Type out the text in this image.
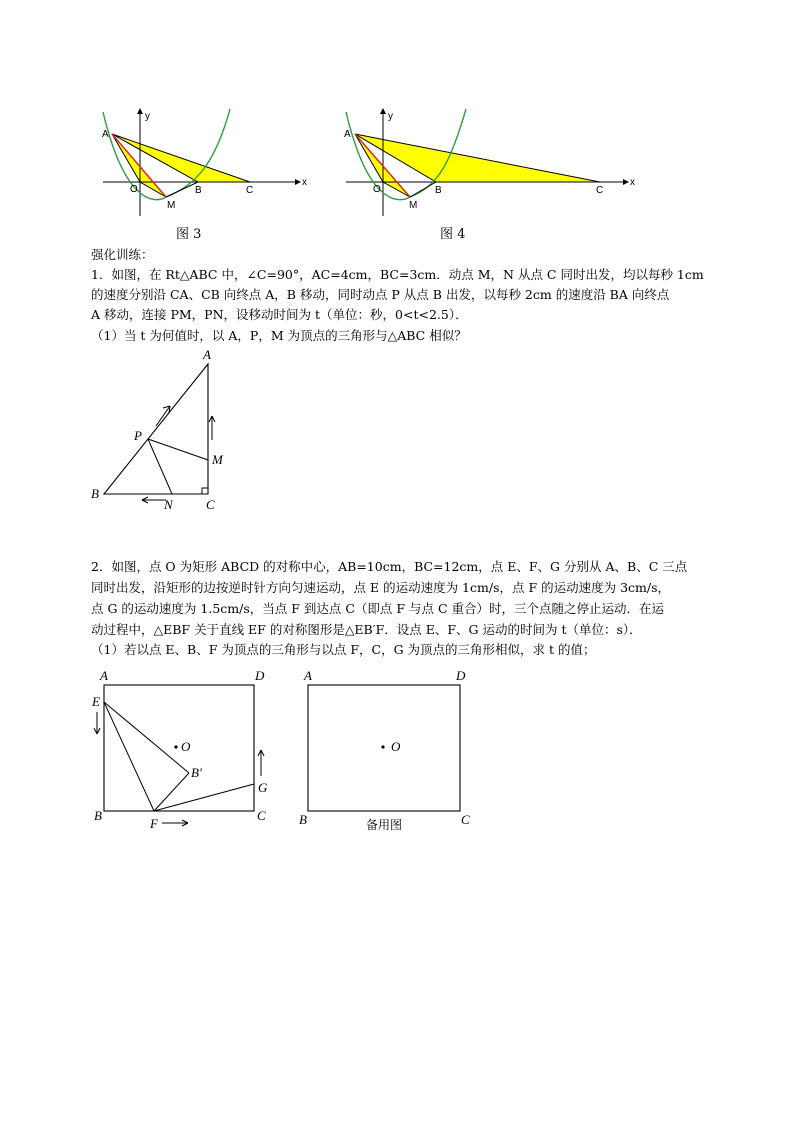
A
O
M
B	C
x
y
图 3
A
O
M
B	C
x
y
图 4

强化训练：

1．如图，在 Rt△ABC 中，∠C=90°，AC=4cm，BC=3cm．动点 M，N 从点 C 同时出发，均以每秒 1cm

的速度分别沿 CA、CB 向终点 A，B 移动，同时动点 P 从点 B 出发，以每秒 2cm 的速度沿 BA 向终点

A 移动，连接 PM，PN，设移动时间为 t（单位：秒，0<t<2.5）．

（1）当 t 为何值时，以 A，P，M 为顶点的三角形与△ABC 相似？

A
P
M
B
N	C

2．如图，点 O 为矩形 ABCD 的对称中心，AB=10cm，BC=12cm，点 E、F、G 分别从 A、B、C 三点

同时出发，沿矩形的边按逆时针方向匀速运动，点 E 的运动速度为 1cm/s，点 F 的运动速度为 3cm/s，

点 G 的运动速度为 1.5cm/s，当点 F 到达点 C（即点 F 与点 C 重合）时，三个点随之停止运动．在运

动过程中，△EBF 关于直线 EF 的对称图形是△EB′F．设点 E、F、G 运动的时间为 t（单位：s）．

（1）若以点 E、B、F 为顶点的三角形与以点 F，C，G 为顶点的三角形相似，求 t 的值；

A	D
E
O
B′
G
B
F
C
A	D
O
B	C
备用图
